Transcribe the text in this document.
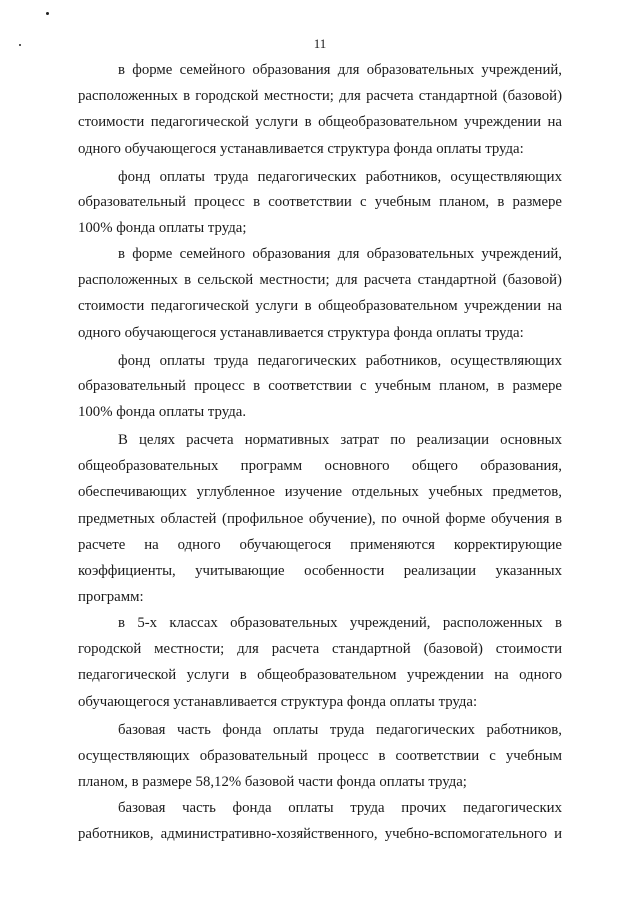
11
в форме семейного образования для образовательных учреждений,
расположенных в городской местности; для расчета стандартной (базовой)
стоимости педагогической услуги в общеобразовательном учреждении на
одного обучающегося устанавливается структура фонда оплаты труда:
фонд оплаты труда педагогических работников, осуществляющих
образовательный процесс в соответствии с учебным планом, в размере
100% фонда оплаты труда;
в форме семейного образования для образовательных учреждений,
расположенных в сельской местности; для расчета стандартной (базовой)
стоимости педагогической услуги в общеобразовательном учреждении на
одного обучающегося устанавливается структура фонда оплаты труда:
фонд оплаты труда педагогических работников, осуществляющих
образовательный процесс в соответствии с учебным планом, в размере
100% фонда оплаты труда.
В целях расчета нормативных затрат по реализации основных
общеобразовательных программ основного общего образования,
обеспечивающих углубленное изучение отдельных учебных предметов,
предметных областей (профильное обучение), по очной форме обучения в
расчете на одного обучающегося применяются корректирующие
коэффициенты, учитывающие особенности реализации указанных
программ:
в 5-х классах образовательных учреждений, расположенных в
городской местности; для расчета стандартной (базовой) стоимости
педагогической услуги в общеобразовательном учреждении на одного
обучающегося устанавливается структура фонда оплаты труда:
базовая часть фонда оплаты труда педагогических работников,
осуществляющих образовательный процесс в соответствии с учебным
планом, в размере 58,12% базовой части фонда оплаты труда;
базовая часть фонда оплаты труда прочих педагогических
работников, административно-хозяйственного, учебно-вспомогательного и
